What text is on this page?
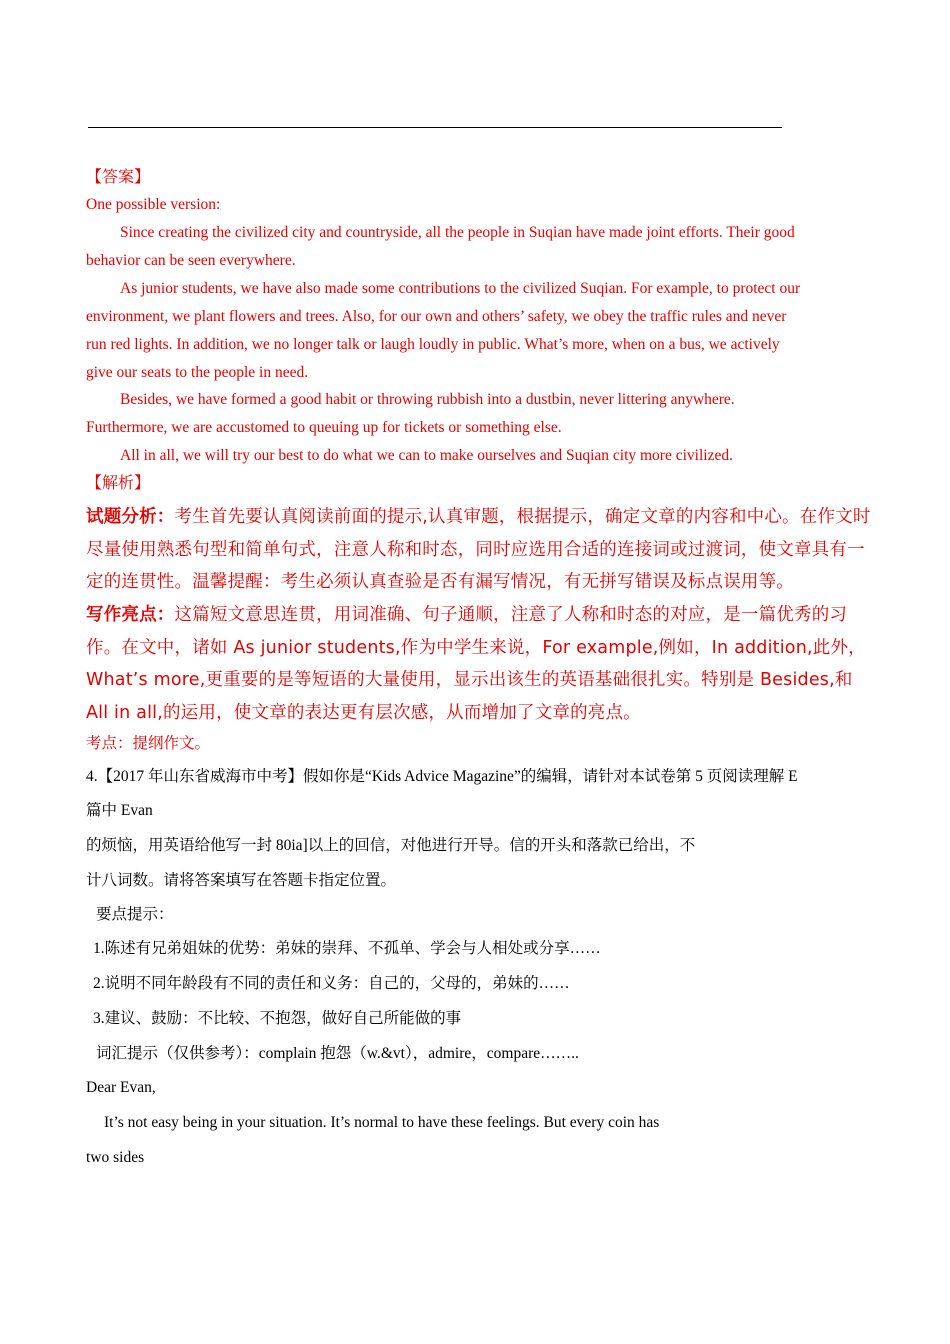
【答案】
One possible version:
Since creating the civilized city and countryside, all the people in Suqian have made joint efforts. Their good
behavior can be seen everywhere.
As junior students, we have also made some contributions to the civilized Suqian. For example, to protect our
environment, we plant flowers and trees. Also, for our own and others’ safety, we obey the traffic rules and never
run red lights. In addition, we no longer talk or laugh loudly in public. What’s more, when on a bus, we actively
give our seats to the people in need.
Besides, we have formed a good habit or throwing rubbish into a dustbin, never littering anywhere.
Furthermore, we are accustomed to queuing up for tickets or something else.
All in all, we will try our best to do what we can to make ourselves and Suqian city more civilized.
【解析】
试题分析：考生首先要认真阅读前面的提示,认真审题，根据提示，确定文章的内容和中心。在作文时尽量使用熟悉句型和简单句式，注意人称和时态，同时应选用合适的连接词或过渡词，使文章具有一定的连贯性。温馨提醒：考生必须认真查验是否有漏写情况，有无拼写错误及标点误用等。
写作亮点：这篇短文意思连贯，用词准确、句子通顺，注意了人称和时态的对应，是一篇优秀的习作。在文中，诸如 As junior students,作为中学生来说，For example,例如，In addition,此外，What’s more,更重要的是等短语的大量使用，显示出该生的英语基础很扎实。特别是 Besides,和 All in all,的运用，使文章的表达更有层次感，从而增加了文章的亮点。
考点：提纲作文。
4.【2017 年山东省威海市中考】假如你是“Kids Advice Magazine”的编辑，请针对本试卷第 5 页阅读理解 E
篇中 Evan
的烦恼，用英语给他写一封 80ia]以上的回信，对他进行开导。信的开头和落款已给出，不
计八词数。请将答案填写在答题卡指定位置。
要点提示：
1.陈述有兄弟姐妹的优势：弟妹的崇拜、不孤单、学会与人相处或分享……
2.说明不同年龄段有不同的责任和义务：自己的，父母的，弟妹的……
3.建议、鼓励：不比较、不抱怨，做好自己所能做的事
词汇提示（仅供参考）：complain 抱怨（w.&vt），admire，compare……..
Dear Evan,
It’s not easy being in your situation. It’s normal to have these feelings. But every coin has
two sides
